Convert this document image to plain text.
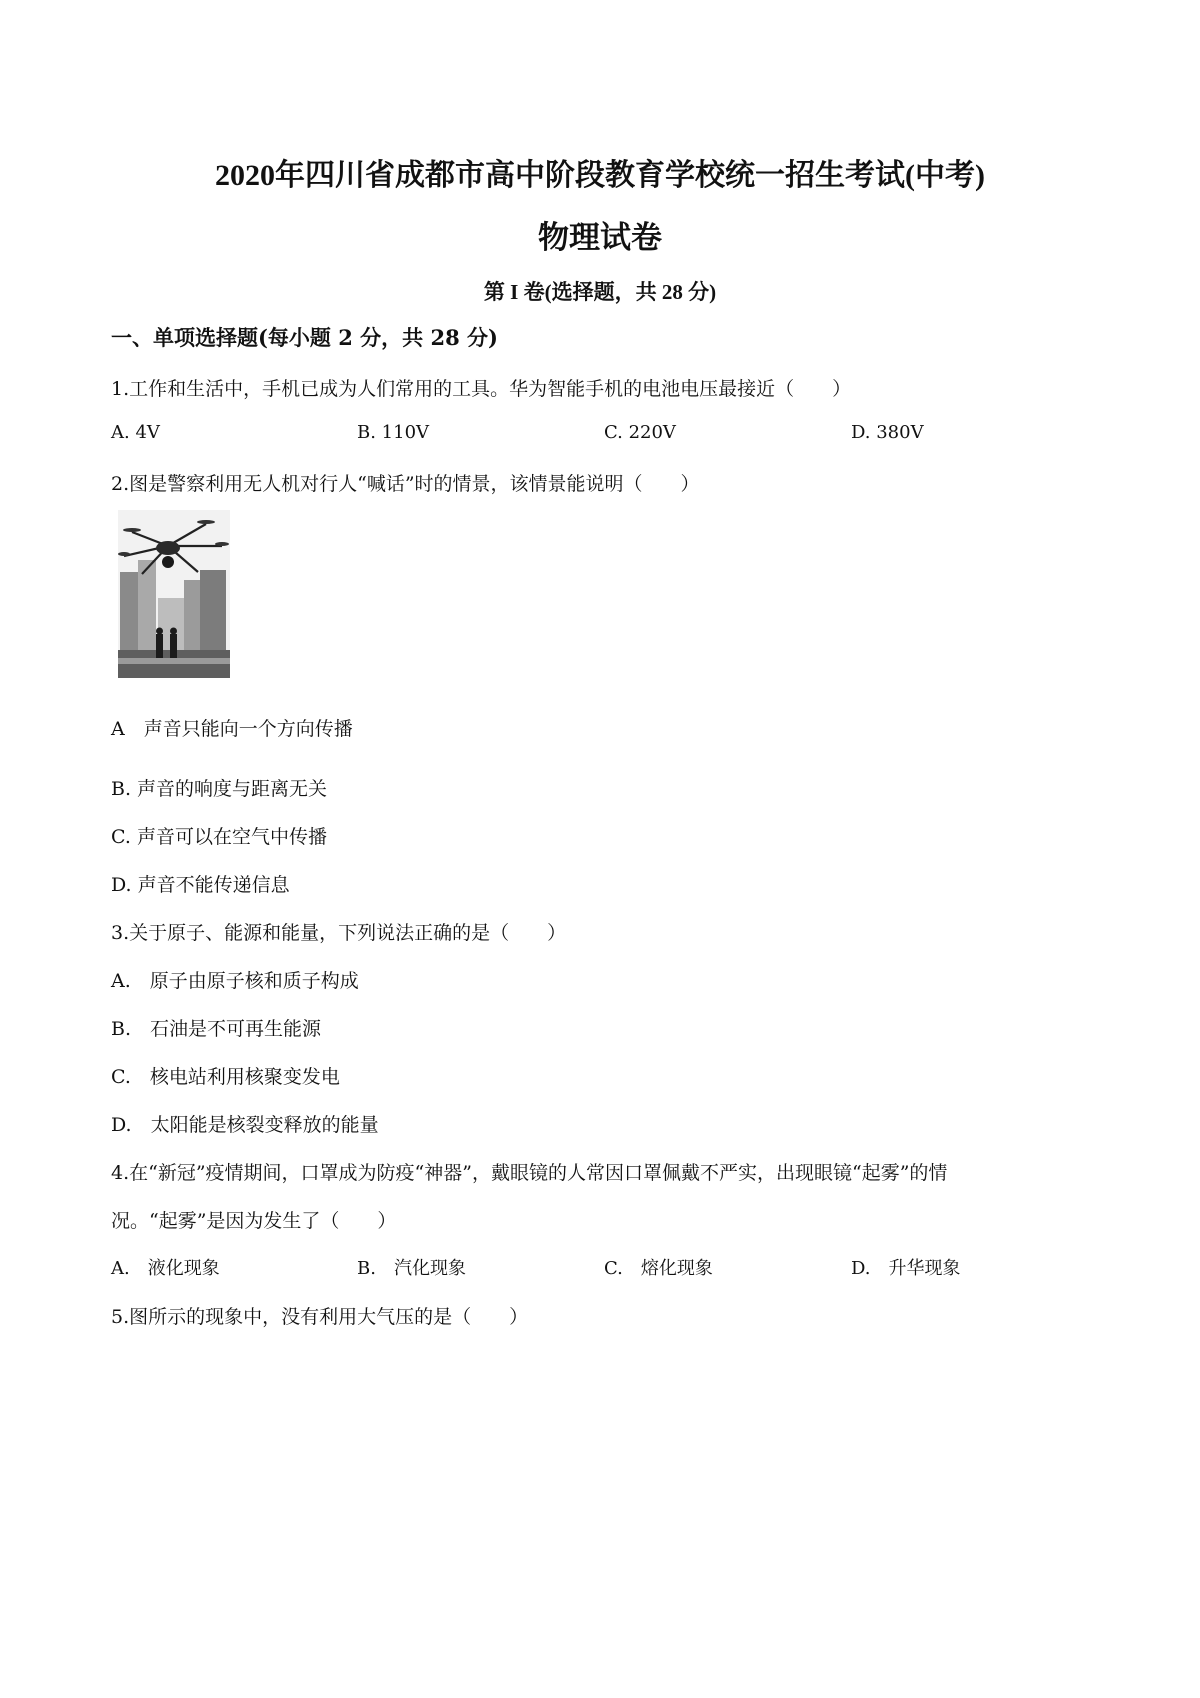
2020年四川省成都市高中阶段教育学校统一招生考试(中考)
物理试卷
第 I 卷(选择题，共 28 分)
一、单项选择题(每小题 2 分，共 28 分)
1.工作和生活中，手机已成为人们常用的工具。华为智能手机的电池电压最接近（　　）
A. 4V	B. 110V	C. 220V	D. 380V
2.图是警察利用无人机对行人“喊话”时的情景，该情景能说明（　　）
A　声音只能向一个方向传播
B. 声音的响度与距离无关
C. 声音可以在空气中传播
D. 声音不能传递信息
3.关于原子、能源和能量，下列说法正确的是（　　）
A.　原子由原子核和质子构成
B.　石油是不可再生能源
C.　核电站利用核聚变发电
D.　太阳能是核裂变释放的能量
4.在“新冠”疫情期间，口罩成为防疫“神器”，戴眼镜的人常因口罩佩戴不严实，出现眼镜“起雾”的情
况。“起雾”是因为发生了（　　）
A.　液化现象	B.　汽化现象	C.　熔化现象	D.　升华现象
5.图所示的现象中，没有利用大气压的是（　　）
